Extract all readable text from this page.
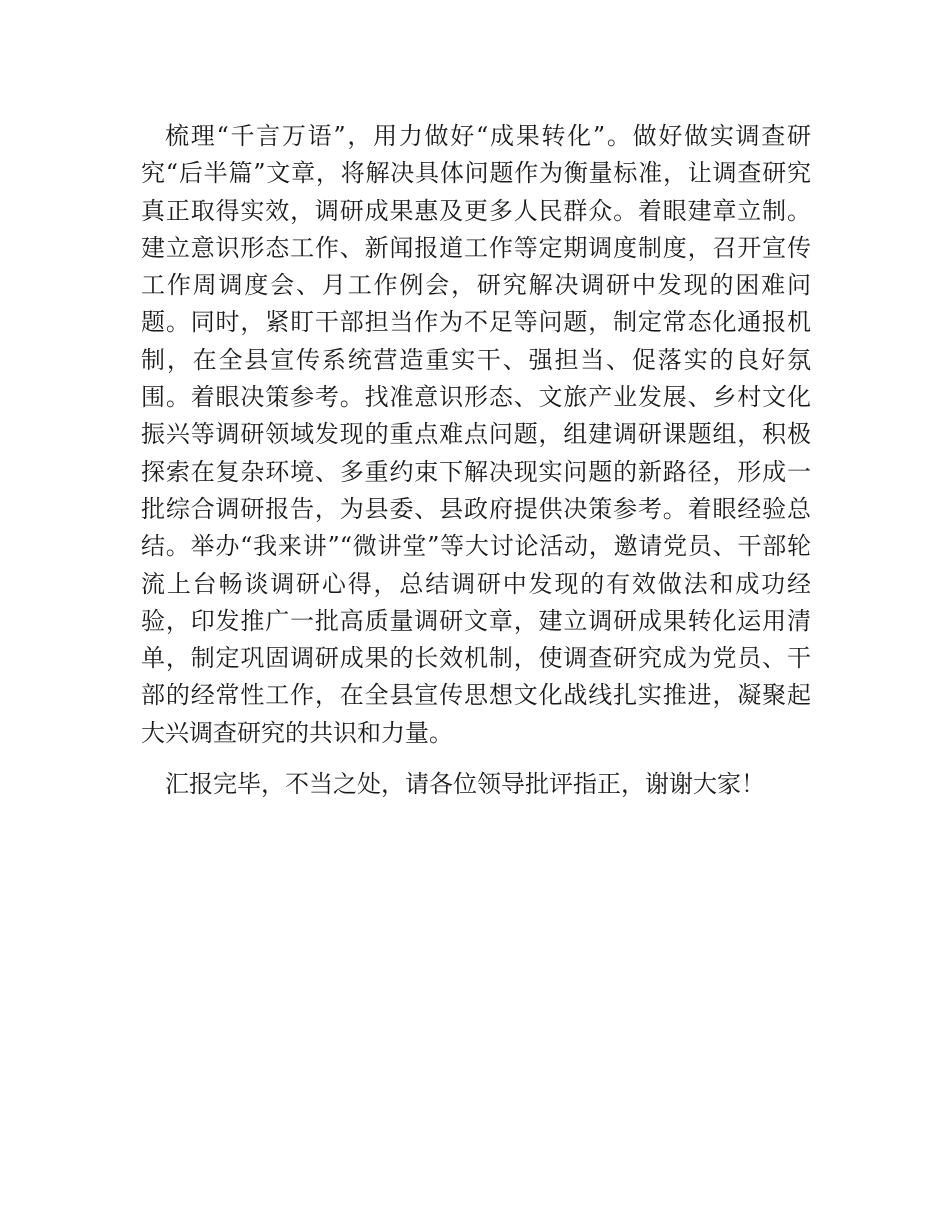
梳理“千言万语”，用力做好“成果转化”。做好做实调查研究“后半篇”文章，将解决具体问题作为衡量标准，让调查研究真正取得实效，调研成果惠及更多人民群众。着眼建章立制。建立意识形态工作、新闻报道工作等定期调度制度，召开宣传工作周调度会、月工作例会，研究解决调研中发现的困难问题。同时，紧盯干部担当作为不足等问题，制定常态化通报机制，在全县宣传系统营造重实干、强担当、促落实的良好氛围。着眼决策参考。找准意识形态、文旅产业发展、乡村文化振兴等调研领域发现的重点难点问题，组建调研课题组，积极探索在复杂环境、多重约束下解决现实问题的新路径，形成一批综合调研报告，为县委、县政府提供决策参考。着眼经验总结。举办“我来讲”“微讲堂”等大讨论活动，邀请党员、干部轮流上台畅谈调研心得，总结调研中发现的有效做法和成功经验，印发推广一批高质量调研文章，建立调研成果转化运用清单，制定巩固调研成果的长效机制，使调查研究成为党员、干部的经常性工作，在全县宣传思想文化战线扎实推进，凝聚起大兴调查研究的共识和力量。

汇报完毕，不当之处，请各位领导批评指正，谢谢大家！
